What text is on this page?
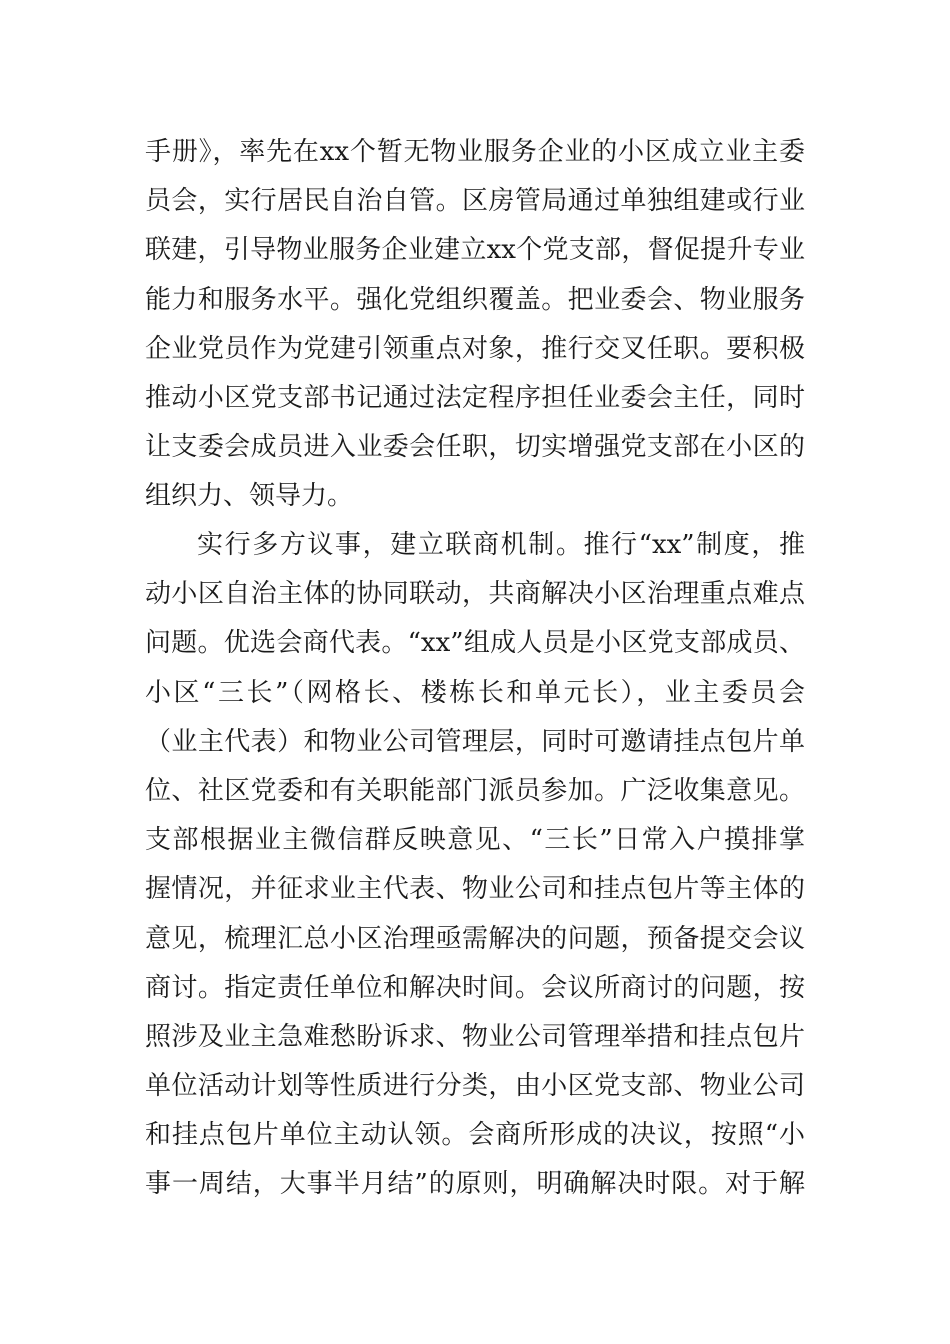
手册》，率先在xx个暂无物业服务企业的小区成立业主委
员会，实行居民自治自管。区房管局通过单独组建或行业
联建，引导物业服务企业建立xx个党支部，督促提升专业
能力和服务水平。强化党组织覆盖。把业委会、物业服务
企业党员作为党建引领重点对象，推行交叉任职。要积极
推动小区党支部书记通过法定程序担任业委会主任，同时
让支委会成员进入业委会任职，切实增强党支部在小区的
组织力、领导力。
实行多方议事，建立联商机制。推行“xx”制度，推
动小区自治主体的协同联动，共商解决小区治理重点难点
问题。优选会商代表。“xx”组成人员是小区党支部成员、
小区“三长”（网格长、楼栋长和单元长），业主委员会
（业主代表）和物业公司管理层，同时可邀请挂点包片单
位、社区党委和有关职能部门派员参加。广泛收集意见。
支部根据业主微信群反映意见、“三长”日常入户摸排掌
握情况，并征求业主代表、物业公司和挂点包片等主体的
意见，梳理汇总小区治理亟需解决的问题，预备提交会议
商讨。指定责任单位和解决时间。会议所商讨的问题，按
照涉及业主急难愁盼诉求、物业公司管理举措和挂点包片
单位活动计划等性质进行分类，由小区党支部、物业公司
和挂点包片单位主动认领。会商所形成的决议，按照“小
事一周结，大事半月结”的原则，明确解决时限。对于解
